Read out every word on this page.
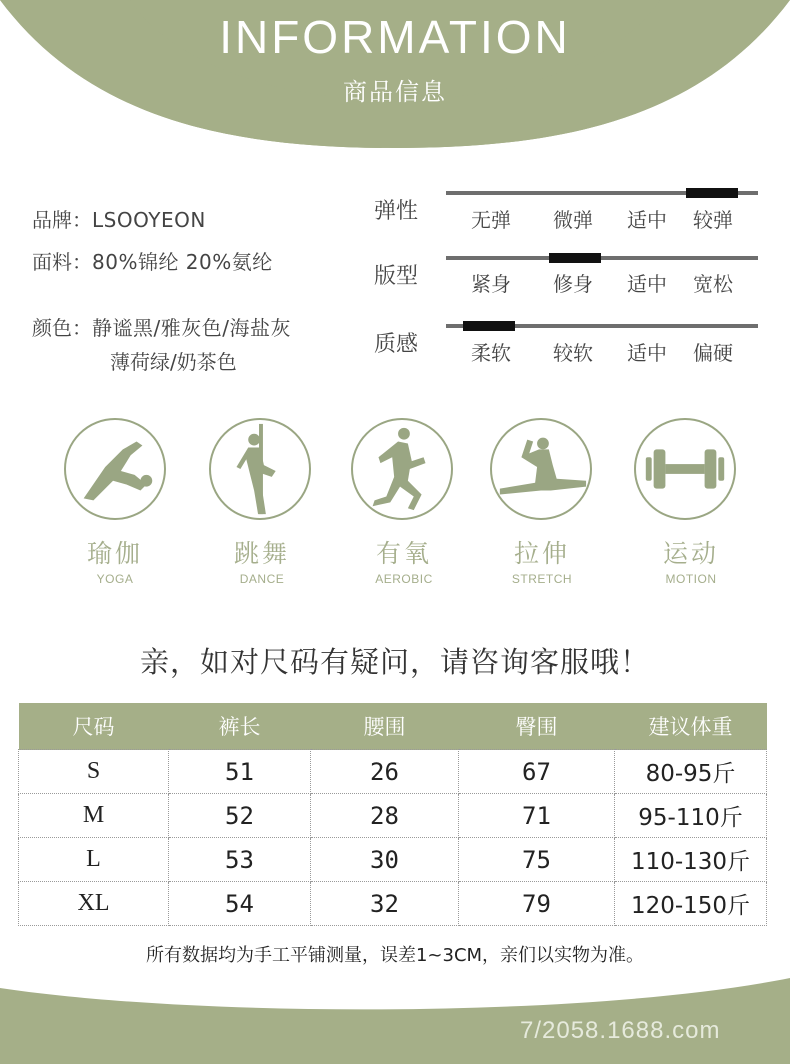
INFORMATION
商品信息
品牌：LSOOYEON
面料：80%锦纶 20%氨纶
颜色：静谧黑/雅灰色/海盐灰
薄荷绿/奶茶色
弹性	无弹	微弹	适中	较弹
版型	紧身	修身	适中	宽松
质感	柔软	较软	适中	偏硬
瑜伽	跳舞	有氧	拉伸	运动
YOGA	DANCE	AEROBIC	STRETCH	MOTION
亲，如对尺码有疑问，请咨询客服哦！
尺码	裤长	腰围	臀围	建议体重
S	51	26	67	80-95斤
M	52	28	71	95-110斤
L	53	30	75	110-130斤
XL	54	32	79	120-150斤
所有数据均为手工平铺测量，误差1~3CM，亲们以实物为准。
7/2058.1688.com
